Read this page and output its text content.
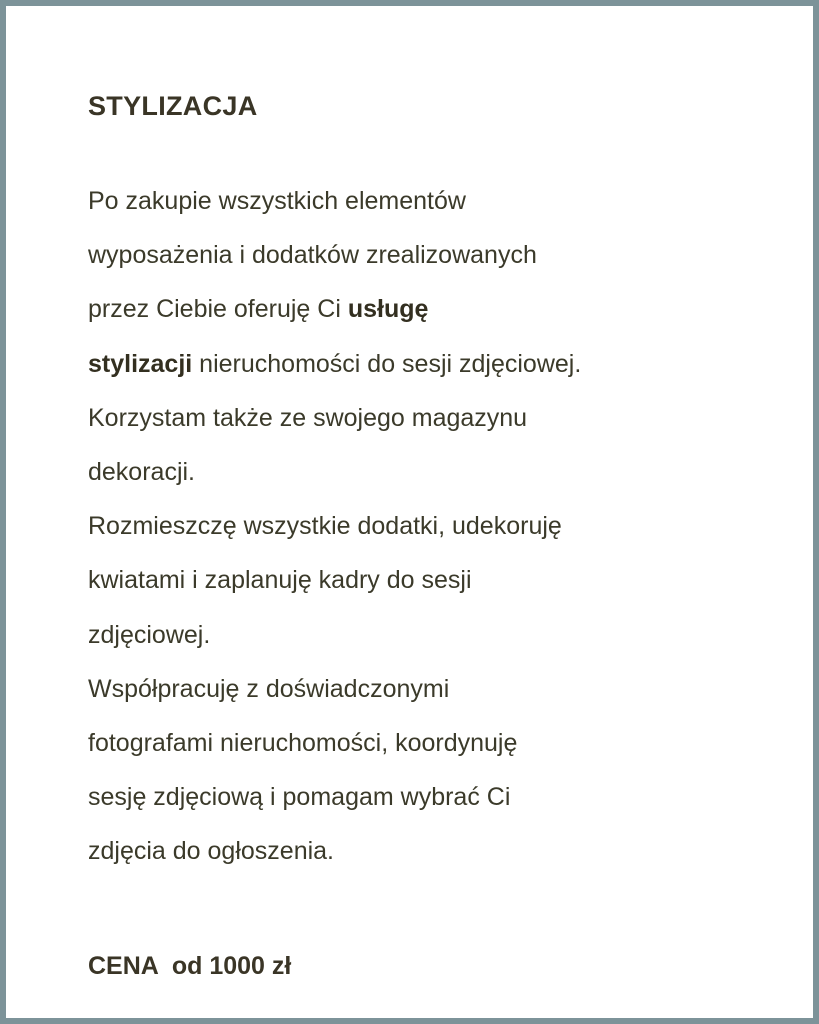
STYLIZACJA

Po zakupie wszystkich elementów
wyposażenia i dodatków zrealizowanych
przez Ciebie oferuję Ci usługę
stylizacji nieruchomości do sesji zdjęciowej.
Korzystam także ze swojego magazynu
dekoracji.
Rozmieszczę wszystkie dodatki, udekoruję
kwiatami i zaplanuję kadry do sesji
zdjęciowej.
Współpracuję z doświadczonymi
fotografami nieruchomości, koordynuję
sesję zdjęciową i pomagam wybrać Ci
zdjęcia do ogłoszenia.

CENA od 1000 zł
